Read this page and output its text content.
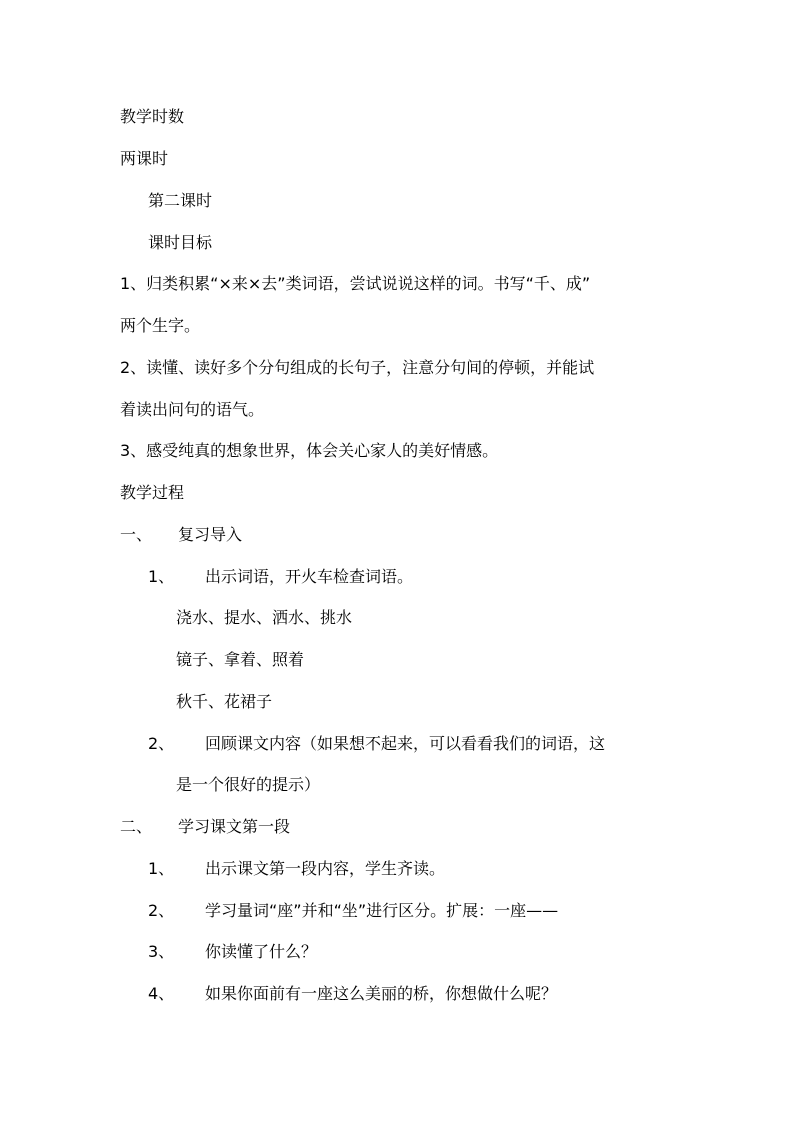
教学时数
两课时
第二课时
课时目标
1、归类积累“×来×去”类词语，尝试说说这样的词。书写“千、成”
两个生字。
2、读懂、读好多个分句组成的长句子，注意分句间的停顿，并能试
着读出问句的语气。
3、感受纯真的想象世界，体会关心家人的美好情感。
教学过程
一、 复习导入
1、 出示词语，开火车检查词语。
浇水、提水、洒水、挑水
镜子、拿着、照着
秋千、花裙子
2、 回顾课文内容（如果想不起来，可以看看我们的词语，这
是一个很好的提示）
二、 学习课文第一段
1、 出示课文第一段内容，学生齐读。
2、 学习量词“座”并和“坐”进行区分。扩展：一座——
3、 你读懂了什么？
4、 如果你面前有一座这么美丽的桥，你想做什么呢？
